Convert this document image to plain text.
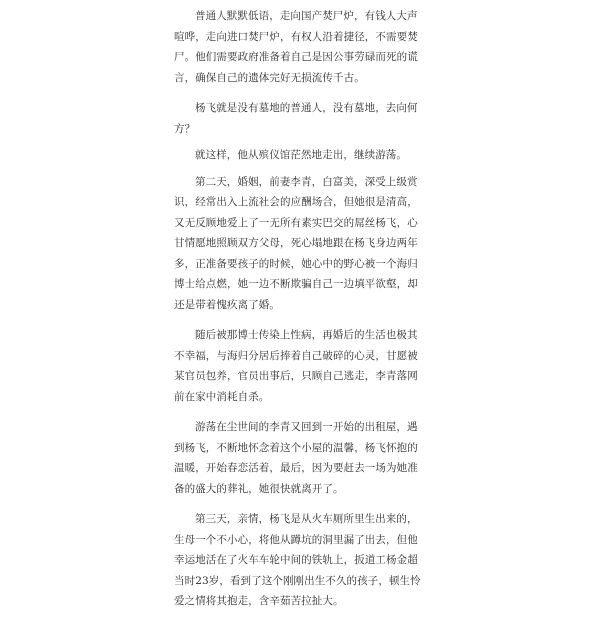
普通人默默低语，走向国产焚尸炉，有钱人大声喧哗，走向进口焚尸炉，有权人沿着捷径，不需要焚尸。他们需要政府准备着自己是因公事劳碌而死的谎言，确保自己的遗体完好无损流传千古。

杨飞就是没有墓地的普通人，没有墓地，去向何方？

就这样，他从殡仪馆茫然地走出，继续游荡。

第二天，婚姻，前妻李青，白富美，深受上级赏识，经常出入上流社会的应酬场合，但她很是清高，又无反顾地爱上了一无所有素实巴交的屌丝杨飞，心甘情愿地照顾双方父母，死心塌地跟在杨飞身边两年多，正准备要孩子的时候，她心中的野心被一个海归博士给点燃，她一边不断欺骗自己一边填平欲壑，却还是带着愧疚离了婚。

随后被那博士传染上性病，再婚后的生活也极其不幸福，与海归分居后捧着自己破碎的心灵，甘愿被某官员包养，官员出事后，只顾自己逃走，李青落网前在家中消耗自杀。

游荡在尘世间的李青又回到一开始的出租屋，遇到杨飞，不断地怀念着这个小屋的温馨，杨飞怀抱的温暖，开始春恋活着，最后，因为要赶去一场为她准备的盛大的葬礼，她很快就离开了。

第三天，亲情，杨飞是从火车厕所里生出来的，生母一个不小心，将他从蹲坑的洞里漏了出去，但他幸运地活在了火车车轮中间的铁轨上，扳道工杨金超当时23岁，看到了这个刚刚出生不久的孩子，顿生怜爱之情将其抱走，含辛茹苦拉扯大。
